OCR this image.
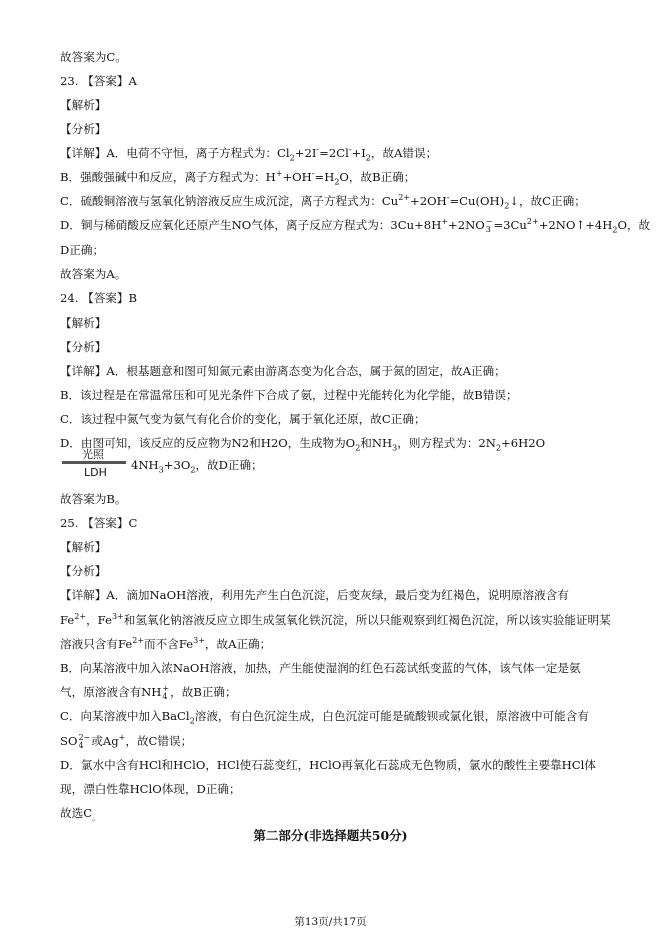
故答案为C。
23. 【答案】A
【解析】
【分析】
【详解】A．电荷不守恒，离子方程式为：$Cl_2+2I^-=2Cl^-+I_2$，故A错误；
B．强酸强碱中和反应，离子方程式为：$H^++OH^-=H_2O$，故B正确；
C．硫酸铜溶液与氢氧化钠溶液反应生成沉淀，离子方程式为：$Cu^{2+}+2OH^-=Cu(OH)_2↓$，故C正确；
D．铜与稀硝酸反应氧化还原产生NO气体，离子反应方程式为：3Cu+8H++2NO −
$3 =3Cu^{2+}+2NO↑+4H_2O$，故
D正确；
故答案为A。
24. 【答案】B
【解析】
【分析】
【详解】A．根基题意和图可知氮元素由游离态变为化合态，属于氮的固定，故A正确；
B．该过程是在常温常压和可见光条件下合成了氨，过程中光能转化为化学能，故B错误；
C．该过程中氮气变为氨气有化合价的变化，属于氧化还原，故C正确；
D．由图可知，该反应的反应物为N2和H2O，生成物为$O_2$和$NH_3$，则方程式为：$2N_2+6H2O$
光照
LDH
$4NH_3+3O_2$，故D正确；
故答案为B。
25. 【答案】C
【解析】
【分析】
【详解】A．滴加NaOH溶液，利用先产生白色沉淀，后变灰绿，最后变为红褐色，说明原溶液含有
$Fe^{2+}$，$Fe^{3+}$和氢氧化钠溶液反应立即生成氢氧化铁沉淀，所以只能观察到红褐色沉淀，所以该实验能证明某
溶液只含有$Fe^{2+}$而不含$Fe^{3+}$，故A正确；
B．向某溶液中加入浓NaOH溶液，加热，产生能使湿润的红色石蕊试纸变蓝的气体，该气体一定是氨
气，原溶液含有NH +
4 ，故B正确；
C．向某溶液中加入BaCl$_2$溶液，有白色沉淀生成，白色沉淀可能是硫酸钡或氯化银，原溶液中可能含有
SO 2−
4 或Ag+，故C错误；
D．氯水中含有HCl和HClO，HCl使石蕊变红，HClO再氧化石蕊成无色物质，氯水的酸性主要靠HCl体
现，漂白性靠HClO体现，D正确；
故选$C_。$
第二部分(非选择题共50分)
第13页/共17页
